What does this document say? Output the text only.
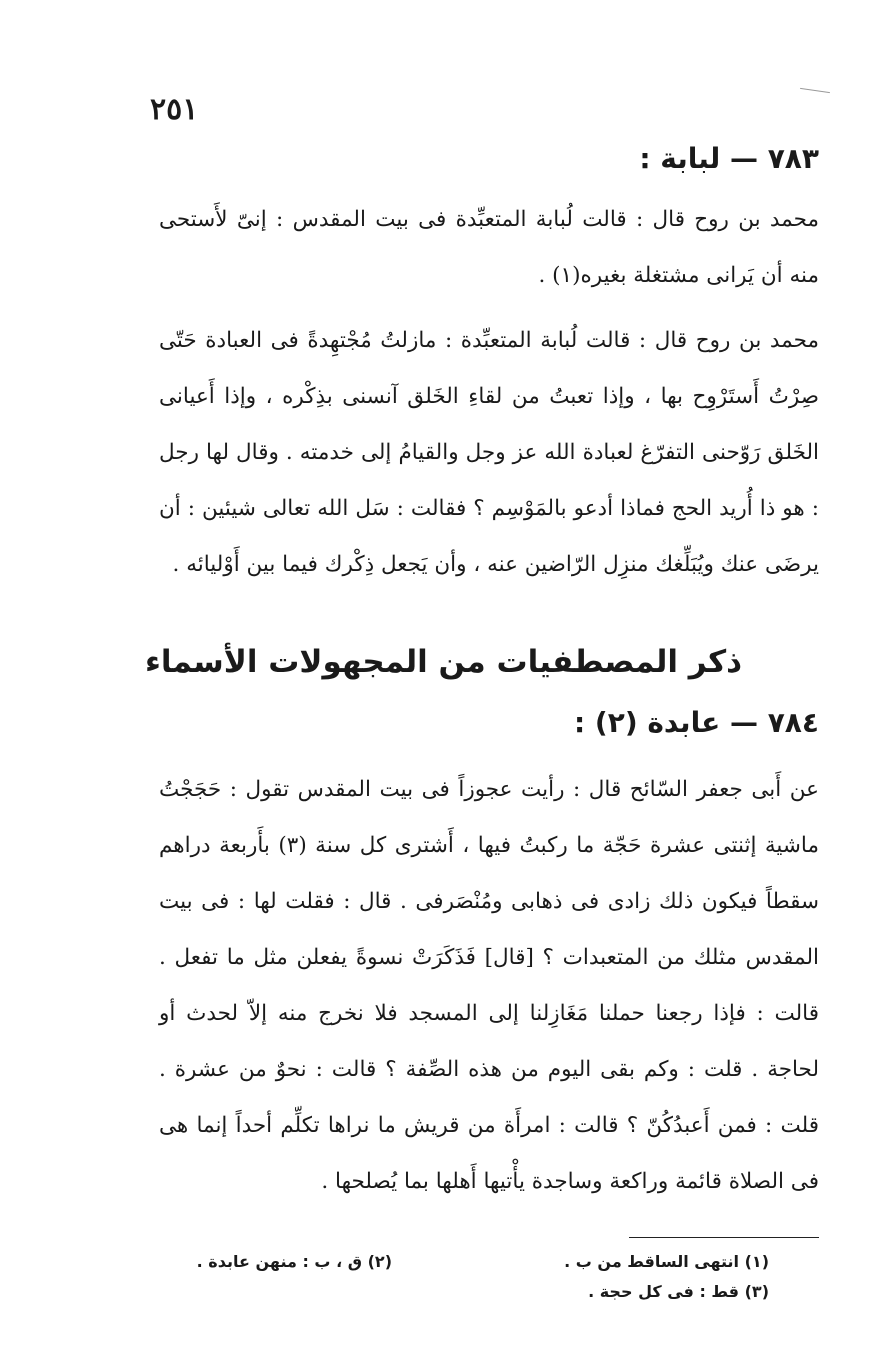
٢٥١
٧٨٣ — لبابة :

محمد بن روح قال : قالت لُبابة المتعبِّدة فى بيت المقدس : إنىّ لأَستحى منه أن يَرانى مشتغلة بغيره(١) .

محمد بن روح قال : قالت لُبابة المتعبِّدة : مازلتُ مُجْتهِدةً فى العبادة حَتّى صِرْتُ أَستَرْوِح بها ، وإذا تعبتُ من لقاءِ الخَلق آنسنى بذِكْره ، وإذا أَعيانى الخَلق رَوّحنى التفرّغ لعبادة الله عز وجل والقيامُ إلى خدمته . وقال لها رجل : هو ذا أُريد الحج فماذا أدعو بالمَوْسِم ؟ فقالت : سَل الله تعالى شيئين : أن يرضَى عنك ويُبَلِّغك منزِل الرّاضين عنه ، وأن يَجعل ذِكْرك فيما بين أَوْليائه .

ذكر المصطفيات من المجهولات الأسماء
٧٨٤ — عابدة (٢) :

عن أَبى جعفر السّائح قال : رأيت عجوزاً فى بيت المقدس تقول : حَجَجْتُ ماشية إثنتى عشرة حَجّة ما ركبتُ فيها ، أَشترى كل سنة (٣) بأَربعة دراهم سقطاً فيكون ذلك زادى فى ذهابى ومُنْصَرفى . قال : فقلت لها : فى بيت المقدس مثلك من المتعبدات ؟ [قال] فَذَكَرَتْ نسوةً يفعلن مثل ما تفعل . قالت : فإذا رجعنا حملنا مَغَازِلنا إلى المسجد فلا نخرج منه إلاّ لحدث أو لحاجة . قلت : وكم بقى اليوم من هذه الصِّفة ؟ قالت : نحوٌ من عشرة . قلت : فمن أَعبدُكُنّ ؟ قالت : امرأَة من قريش ما نراها تكلِّم أحداً إنما هى فى الصلاة قائمة وراكعة وساجدة يأْتيها أَهلها بما يُصلحها .

(١) انتهى الساقط من ب .
(٢) ق ، ب : منهن عابدة .
(٣) قط : فى كل حجة .
